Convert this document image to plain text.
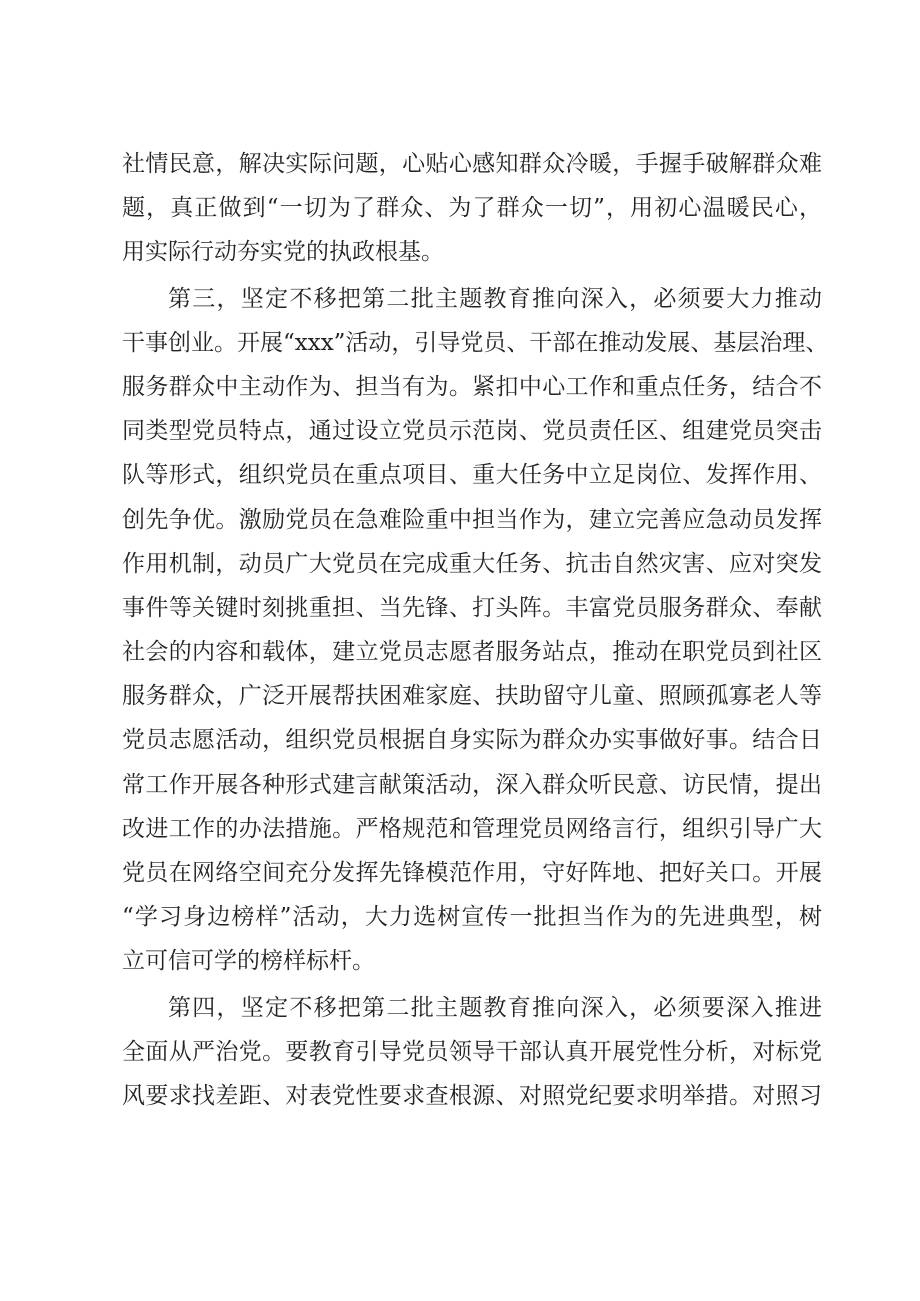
社情民意，解决实际问题，心贴心感知群众冷暖，手握手破解群众难
题，真正做到“一切为了群众、为了群众一切”，用初心温暖民心，
用实际行动夯实党的执政根基。
第三，坚定不移把第二批主题教育推向深入，必须要大力推动
干事创业。开展“xxx”活动，引导党员、干部在推动发展、基层治理、
服务群众中主动作为、担当有为。紧扣中心工作和重点任务，结合不
同类型党员特点，通过设立党员示范岗、党员责任区、组建党员突击
队等形式，组织党员在重点项目、重大任务中立足岗位、发挥作用、
创先争优。激励党员在急难险重中担当作为，建立完善应急动员发挥
作用机制，动员广大党员在完成重大任务、抗击自然灾害、应对突发
事件等关键时刻挑重担、当先锋、打头阵。丰富党员服务群众、奉献
社会的内容和载体，建立党员志愿者服务站点，推动在职党员到社区
服务群众，广泛开展帮扶困难家庭、扶助留守儿童、照顾孤寡老人等
党员志愿活动，组织党员根据自身实际为群众办实事做好事。结合日
常工作开展各种形式建言献策活动，深入群众听民意、访民情，提出
改进工作的办法措施。严格规范和管理党员网络言行，组织引导广大
党员在网络空间充分发挥先锋模范作用，守好阵地、把好关口。开展
“学习身边榜样”活动，大力选树宣传一批担当作为的先进典型，树
立可信可学的榜样标杆。
第四，坚定不移把第二批主题教育推向深入，必须要深入推进
全面从严治党。要教育引导党员领导干部认真开展党性分析，对标党
风要求找差距、对表党性要求查根源、对照党纪要求明举措。对照习
